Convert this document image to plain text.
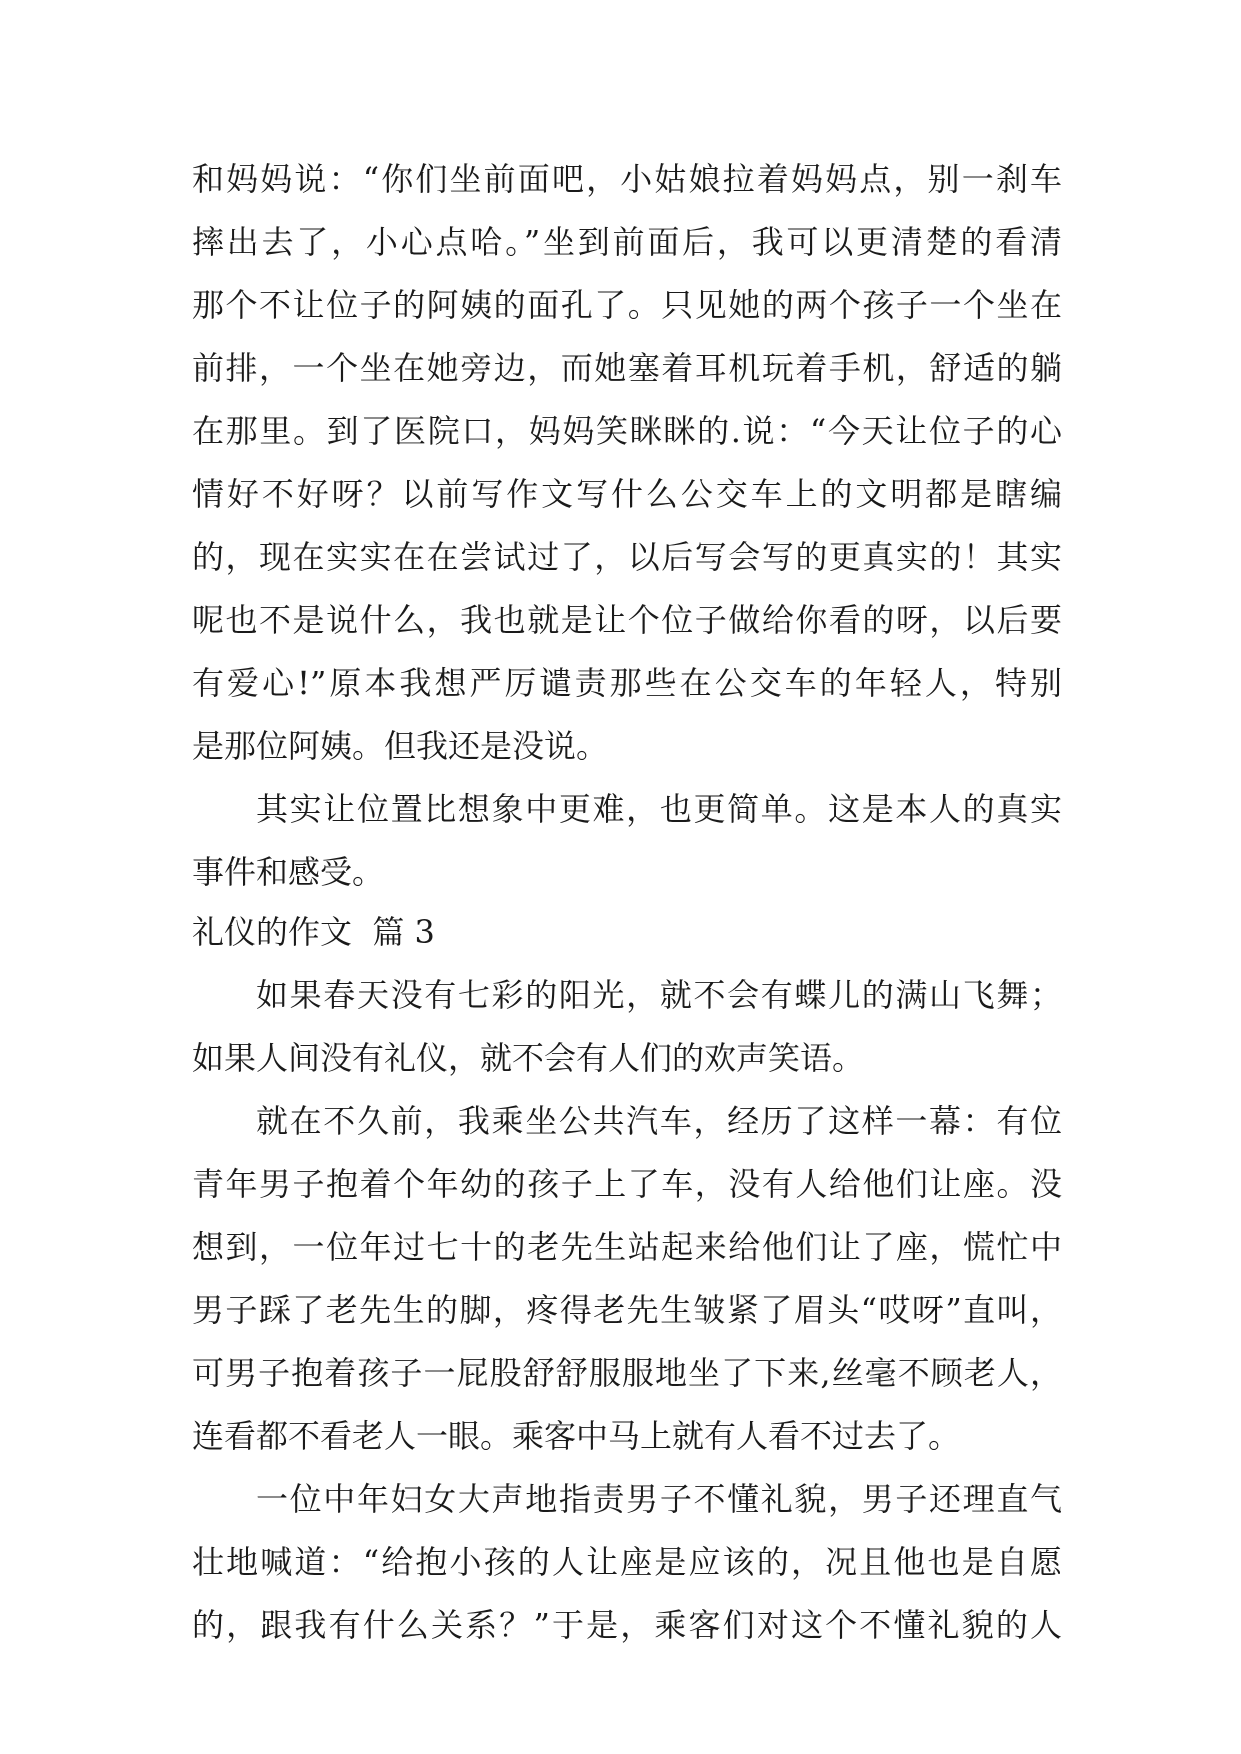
和妈妈说：“你们坐前面吧，小姑娘拉着妈妈点，别一刹车
摔出去了，小心点哈。”坐到前面后，我可以更清楚的看清
那个不让位子的阿姨的面孔了。只见她的两个孩子一个坐在
前排，一个坐在她旁边，而她塞着耳机玩着手机，舒适的躺
在那里。到了医院口，妈妈笑眯眯的.说：“今天让位子的心
情好不好呀？以前写作文写什么公交车上的文明都是瞎编
的，现在实实在在尝试过了，以后写会写的更真实的！其实
呢也不是说什么，我也就是让个位子做给你看的呀，以后要
有爱心!”原本我想严厉谴责那些在公交车的年轻人，特别
是那位阿姨。但我还是没说。
其实让位置比想象中更难，也更简单。这是本人的真实
事件和感受。
礼仪的作文  篇 3
如果春天没有七彩的阳光，就不会有蝶儿的满山飞舞；
如果人间没有礼仪，就不会有人们的欢声笑语。
就在不久前，我乘坐公共汽车，经历了这样一幕：有位
青年男子抱着个年幼的孩子上了车，没有人给他们让座。没
想到，一位年过七十的老先生站起来给他们让了座，慌忙中
男子踩了老先生的脚，疼得老先生皱紧了眉头“哎呀”直叫，
可男子抱着孩子一屁股舒舒服服地坐了下来,丝毫不顾老人，
连看都不看老人一眼。乘客中马上就有人看不过去了。
一位中年妇女大声地指责男子不懂礼貌，男子还理直气
壮地喊道：“给抱小孩的人让座是应该的，况且他也是自愿
的，跟我有什么关系？”于是，乘客们对这个不懂礼貌的人
